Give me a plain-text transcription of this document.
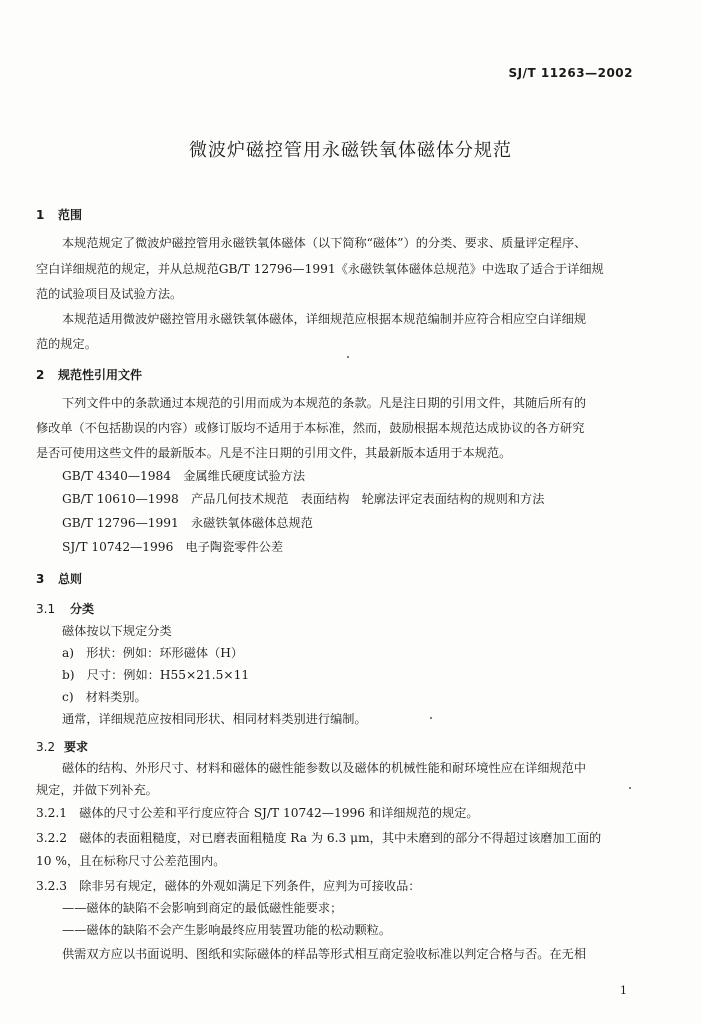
SJ/T 11263—2002
微波炉磁控管用永磁铁氧体磁体分规范
1 范围
本规范规定了微波炉磁控管用永磁铁氧体磁体（以下简称“磁体”）的分类、要求、质量评定程序、
空白详细规范的规定，并从总规范GB/T 12796—1991《永磁铁氧体磁体总规范》中选取了适合于详细规
范的试验项目及试验方法。
本规范适用微波炉磁控管用永磁铁氧体磁体，详细规范应根据本规范编制并应符合相应空白详细规
范的规定。
2 规范性引用文件
下列文件中的条款通过本规范的引用而成为本规范的条款。凡是注日期的引用文件，其随后所有的
修改单（不包括勘误的内容）或修订版均不适用于本标准，然而，鼓励根据本规范达成协议的各方研究
是否可使用这些文件的最新版本。凡是不注日期的引用文件，其最新版本适用于本规范。
GB/T 4340—1984　金属维氏硬度试验方法
GB/T 10610—1998　产品几何技术规范　表面结构　轮廓法评定表面结构的规则和方法
GB/T 12796—1991　永磁铁氧体磁体总规范
SJ/T 10742—1996　电子陶瓷零件公差
3 总则
3.1 分类
磁体按以下规定分类
a)　形状：例如：环形磁体（H）
b)　尺寸：例如：H55×21.5×11
c)　材料类别。
通常，详细规范应按相同形状、相同材料类别进行编制。
3.2 要求
磁体的结构、外形尺寸、材料和磁体的磁性能参数以及磁体的机械性能和耐环境性应在详细规范中
规定，并做下列补充。
3.2.1　磁体的尺寸公差和平行度应符合 SJ/T 10742—1996 和详细规范的规定。
3.2.2　磁体的表面粗糙度，对已磨表面粗糙度 Ra 为 6.3 μm，其中未磨到的部分不得超过该磨加工面的
10 %，且在标称尺寸公差范围内。
3.2.3　除非另有规定，磁体的外观如满足下列条件，应判为可接收品：
——磁体的缺陷不会影响到商定的最低磁性能要求；
——磁体的缺陷不会产生影响最终应用装置功能的松动颗粒。
供需双方应以书面说明、图纸和实际磁体的样品等形式相互商定验收标准以判定合格与否。在无相
1
